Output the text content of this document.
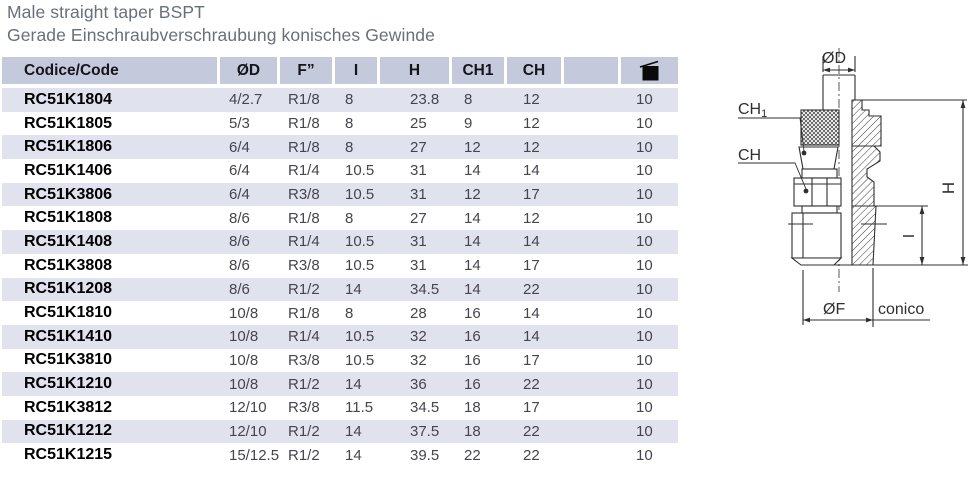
Male straight taper BSPT
Gerade Einschraubverschraubung konisches Gewinde
Codice/Code	ØD	F”	I	H	CH1	CH		

RC51K1804	4/2.7	R1/8	8	23.8	8	12		10
RC51K1805	5/3	R1/8	8	25	9	12		10
RC51K1806	6/4	R1/8	8	27	12	12		10
RC51K1406	6/4	R1/4	10.5	31	14	14		10
RC51K3806	6/4	R3/8	10.5	31	12	17		10
RC51K1808	8/6	R1/8	8	27	14	12		10
RC51K1408	8/6	R1/4	10.5	31	14	14		10
RC51K3808	8/6	R3/8	10.5	31	14	17		10
RC51K1208	8/6	R1/2	14	34.5	14	22		10
RC51K1810	10/8	R1/8	8	28	16	14		10
RC51K1410	10/8	R1/4	10.5	32	16	14		10
RC51K3810	10/8	R3/8	10.5	32	16	17		10
RC51K1210	10/8	R1/2	14	36	16	22		10
RC51K3812	12/10	R3/8	11.5	34.5	18	17		10
RC51K1212	12/10	R1/2	14	37.5	18	22		10
RC51K1215	15/12.5	R1/2	14	39.5	22	22		10
ØD
CH1
CH
H
I
ØF conico
